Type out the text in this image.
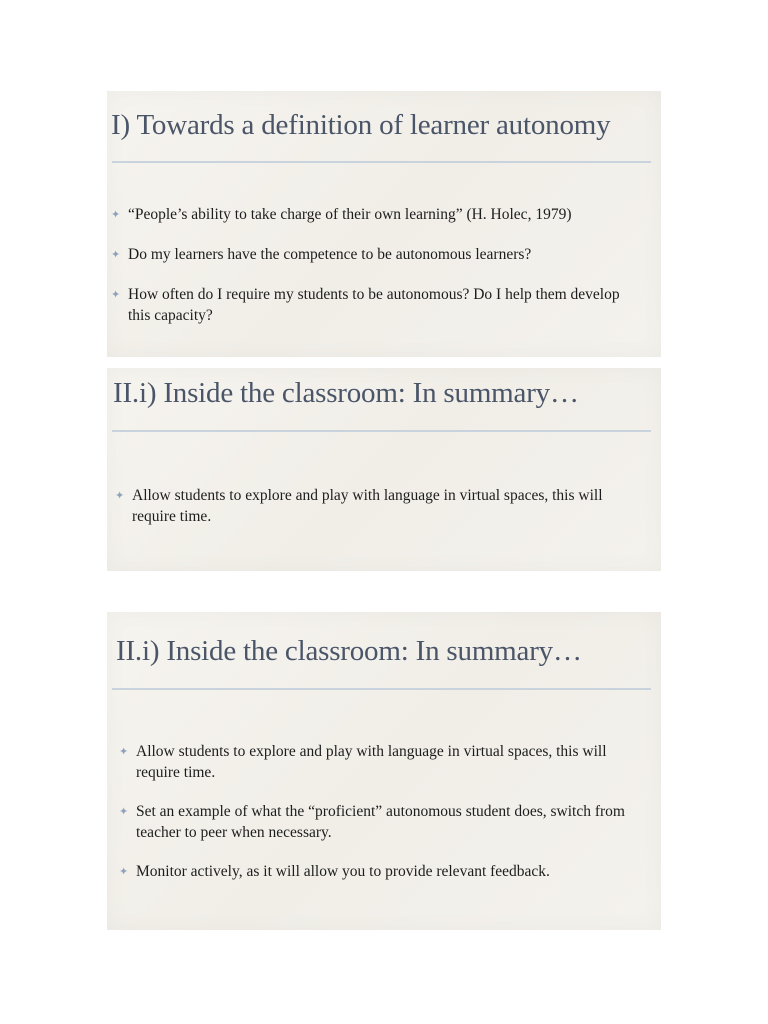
I) Towards a definition of learner autonomy
✦ “People’s ability to take charge of their own learning” (H. Holec, 1979)
✦ Do my learners have the competence to be autonomous learners?
✦ How often do I require my students to be autonomous? Do I help them develop this capacity?
II.i) Inside the classroom: In summary…
✦ Allow students to explore and play with language in virtual spaces, this will require time.
II.i) Inside the classroom: In summary…
✦ Allow students to explore and play with language in virtual spaces, this will require time.
✦ Set an example of what the “proficient” autonomous student does, switch from teacher to peer when necessary.
✦ Monitor actively, as it will allow you to provide relevant feedback.
